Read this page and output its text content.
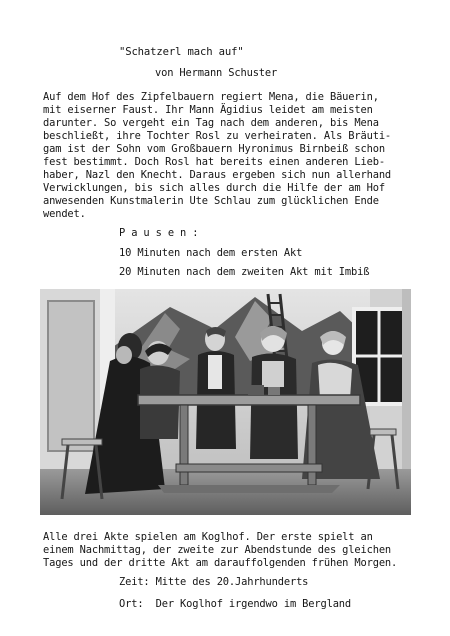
"Schatzerl mach auf"

von Hermann Schuster

Auf dem Hof des Zipfelbauern regiert Mena, die Bäuerin,

mit eiserner Faust. Ihr Mann Ägidius leidet am meisten

darunter. So vergeht ein Tag nach dem anderen, bis Mena

beschließt, ihre Tochter Rosl zu verheiraten. Als Bräuti-

gam ist der Sohn vom Großbauern Hyronimus Birnbeiß schon

fest bestimmt. Doch Rosl hat bereits einen anderen Lieb-

haber, Nazl den Knecht. Daraus ergeben sich nun allerhand

Verwicklungen, bis sich alles durch die Hilfe der am Hof

anwesenden Kunstmalerin Ute Schlau zum glücklichen Ende

wendet.

P a u s e n :

10 Minuten nach dem ersten Akt

20 Minuten nach dem zweiten Akt mit Imbiß

Alle drei Akte spielen am Koglhof. Der erste spielt an

einem Nachmittag, der zweite zur Abendstunde des gleichen

Tages und der dritte Akt am darauffolgenden frühen Morgen.

Zeit: Mitte des 20.Jahrhunderts

Ort:  Der Koglhof irgendwo im Bergland
